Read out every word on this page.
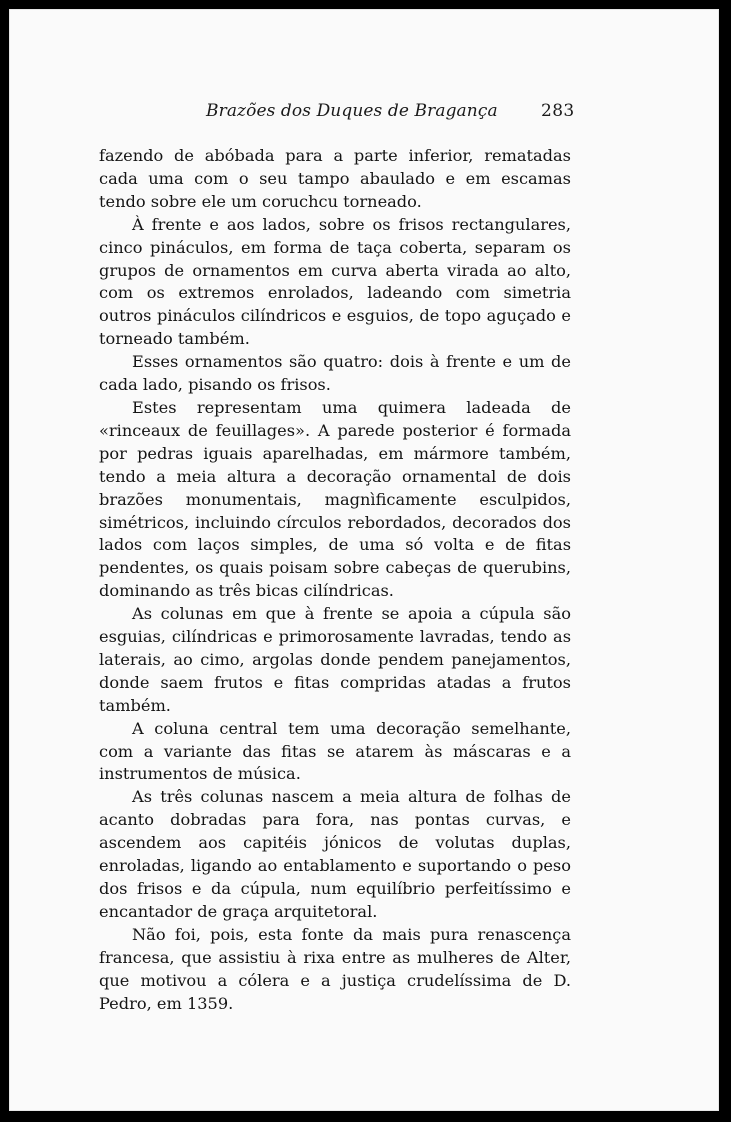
Brazões dos Duques de Bragança	283

fazendo de abóbada para a parte inferior, rematadas cada uma com o seu tampo abaulado e em escamas tendo sobre ele um coruchcu torneado.

À frente e aos lados, sobre os frisos rectangulares, cinco pináculos, em forma de taça coberta, separam os grupos de ornamentos em curva aberta virada ao alto, com os extremos enrolados, ladeando com simetria outros pináculos cilíndricos e esguios, de topo aguçado e torneado também.

Esses ornamentos são quatro: dois à frente e um de cada lado, pisando os frisos.

Estes representam uma quimera ladeada de «rinceaux de feuillages». A parede posterior é formada por pedras iguais aparelhadas, em mármore também, tendo a meia altura a decoração ornamental de dois brazões monumentais, magnìficamente esculpidos, simétricos, incluindo círculos rebordados, decorados dos lados com laços simples, de uma só volta e de fitas pendentes, os quais poisam sobre cabeças de querubins, dominando as três bicas cilíndricas.

As colunas em que à frente se apoia a cúpula são esguias, cilíndricas e primorosamente lavradas, tendo as laterais, ao cimo, argolas donde pendem panejamentos, donde saem frutos e fitas compridas atadas a frutos também.

A coluna central tem uma decoração semelhante, com a variante das fitas se atarem às máscaras e a instrumentos de música.

As três colunas nascem a meia altura de folhas de acanto dobradas para fora, nas pontas curvas, e ascendem aos capitéis jónicos de volutas duplas, enroladas, ligando ao entablamento e suportando o peso dos frisos e da cúpula, num equilíbrio perfeitíssimo e encantador de graça arquitetoral.

Não foi, pois, esta fonte da mais pura renascença francesa, que assistiu à rixa entre as mulheres de Alter, que motivou a cólera e a justiça crudelíssima de D. Pedro, em 1359.
